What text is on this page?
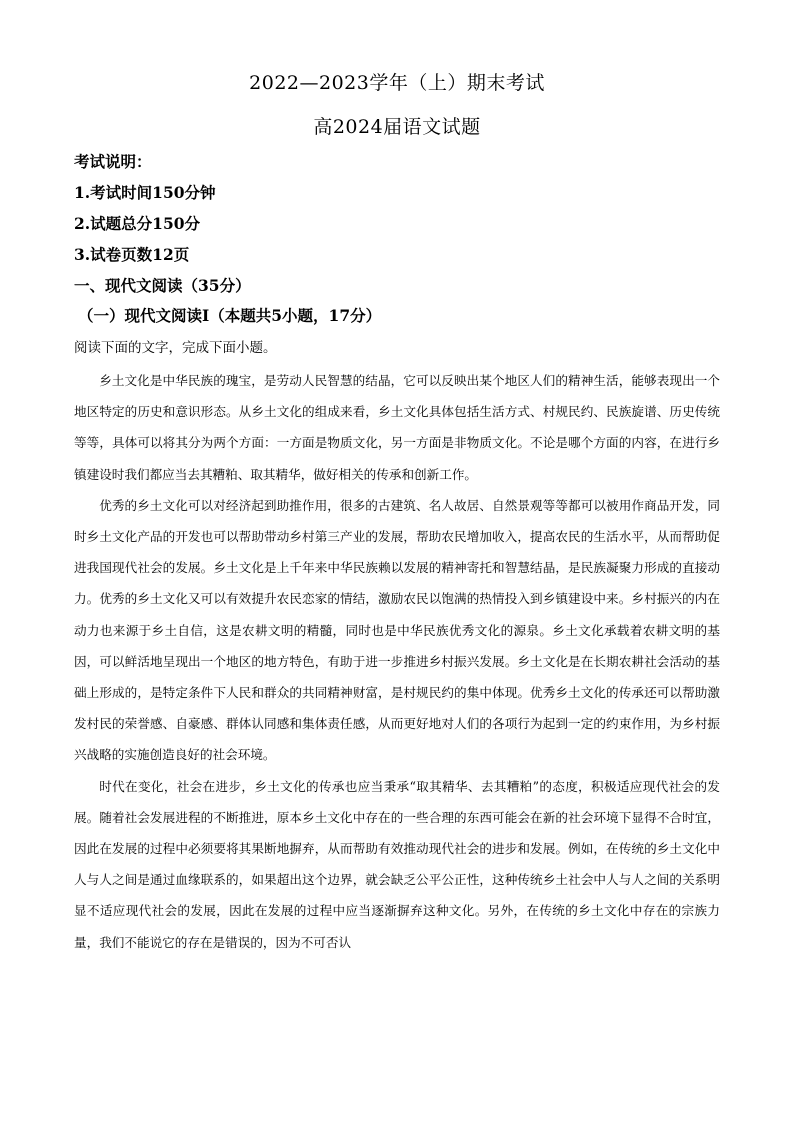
2022—2023学年（上）期末考试
高2024届语文试题
考试说明：
1.考试时间150分钟
2.试题总分150分
3.试卷页数12页
一、现代文阅读（35分）
（一）现代文阅读Ⅰ（本题共5小题，17分）
阅读下面的文字，完成下面小题。

乡土文化是中华民族的瑰宝，是劳动人民智慧的结晶，它可以反映出某个地区人们的精神生活，能够表现出一个地区特定的历史和意识形态。从乡土文化的组成来看，乡土文化具体包括生活方式、村规民约、民族旋谱、历史传统等等，具体可以将其分为两个方面：一方面是物质文化，另一方面是非物质文化。不论是哪个方面的内容，在进行乡镇建设时我们都应当去其糟粕、取其精华，做好相关的传承和创新工作。

优秀的乡土文化可以对经济起到助推作用，很多的古建筑、名人故居、自然景观等等都可以被用作商品开发，同时乡土文化产品的开发也可以帮助带动乡村第三产业的发展，帮助农民增加收入，提高农民的生活水平，从而帮助促进我国现代社会的发展。乡土文化是上千年来中华民族赖以发展的精神寄托和智慧结晶，是民族凝聚力形成的直接动力。优秀的乡土文化又可以有效提升农民恋家的情结，激励农民以饱满的热情投入到乡镇建设中来。乡村振兴的内在动力也来源于乡土自信，这是农耕文明的精髓，同时也是中华民族优秀文化的源泉。乡土文化承载着农耕文明的基因，可以鲜活地呈现出一个地区的地方特色，有助于进一步推进乡村振兴发展。乡土文化是在长期农耕社会活动的基础上形成的，是特定条件下人民和群众的共同精神财富，是村规民约的集中体现。优秀乡土文化的传承还可以帮助激发村民的荣誉感、自豪感、群体认同感和集体责任感，从而更好地对人们的各项行为起到一定的约束作用，为乡村振兴战略的实施创造良好的社会环境。

时代在变化，社会在进步，乡土文化的传承也应当秉承“取其精华、去其糟粕”的态度，积极适应现代社会的发展。随着社会发展进程的不断推进，原本乡土文化中存在的一些合理的东西可能会在新的社会环境下显得不合时宜，因此在发展的过程中必须要将其果断地摒弃，从而帮助有效推动现代社会的进步和发展。例如，在传统的乡土文化中人与人之间是通过血缘联系的，如果超出这个边界，就会缺乏公平公正性，这种传统乡土社会中人与人之间的关系明显不适应现代社会的发展，因此在发展的过程中应当逐渐摒弃这种文化。另外，在传统的乡土文化中存在的宗族力量，我们不能说它的存在是错误的，因为不可否认
